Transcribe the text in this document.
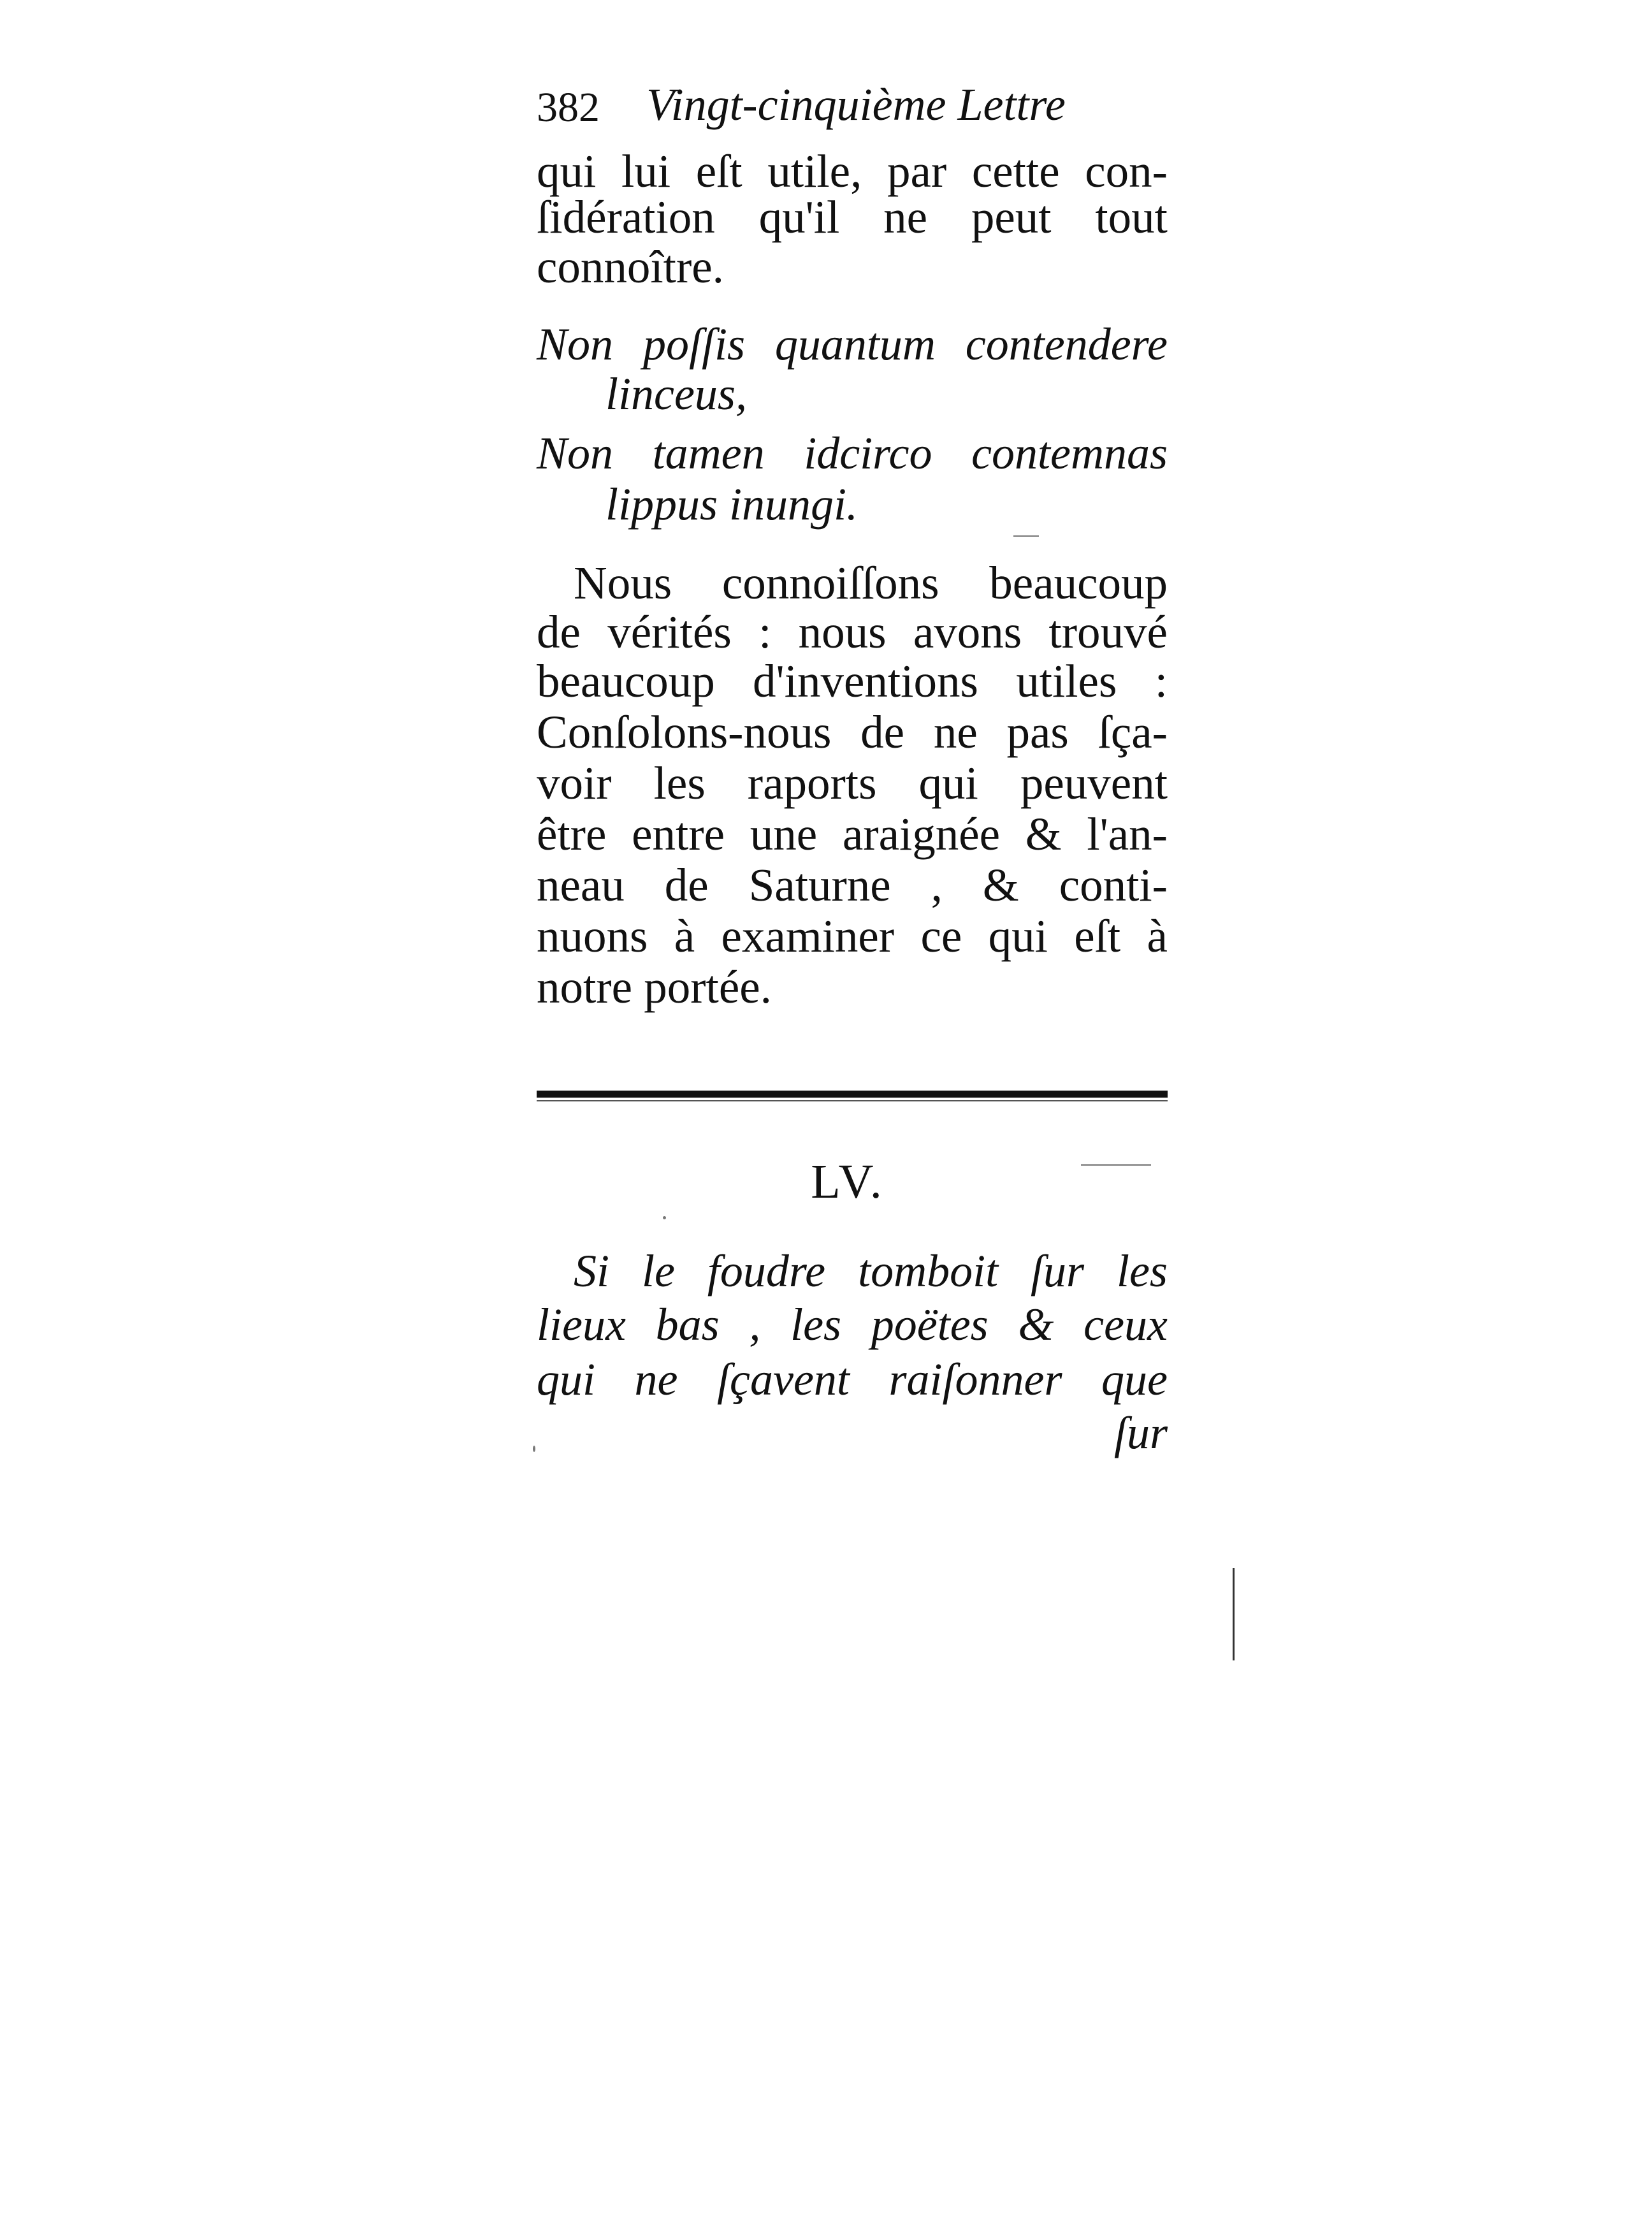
382 Vingt-cinquième Lettre
qui lui eſt utile , par cette con-
ſidération qu'il ne peut tout
connoître.
Non poſſis quantum contendere
linceus,
Non tamen idcirco contemnas
lippus inungi.
Nous connoiſſons beaucoup
de vérités : nous avons trouvé
beaucoup d'inventions utiles :
Conſolons-nous de ne pas ſça-
voir les raports qui peuvent
être entre une araignée & l'an-
neau de Saturne , & conti-
nuons à examiner ce qui eſt à
notre portée.
LV.
Si le foudre tomboit ſur les
lieux bas , les poëtes & ceux
qui ne ſçavent raiſonner que
ſur
